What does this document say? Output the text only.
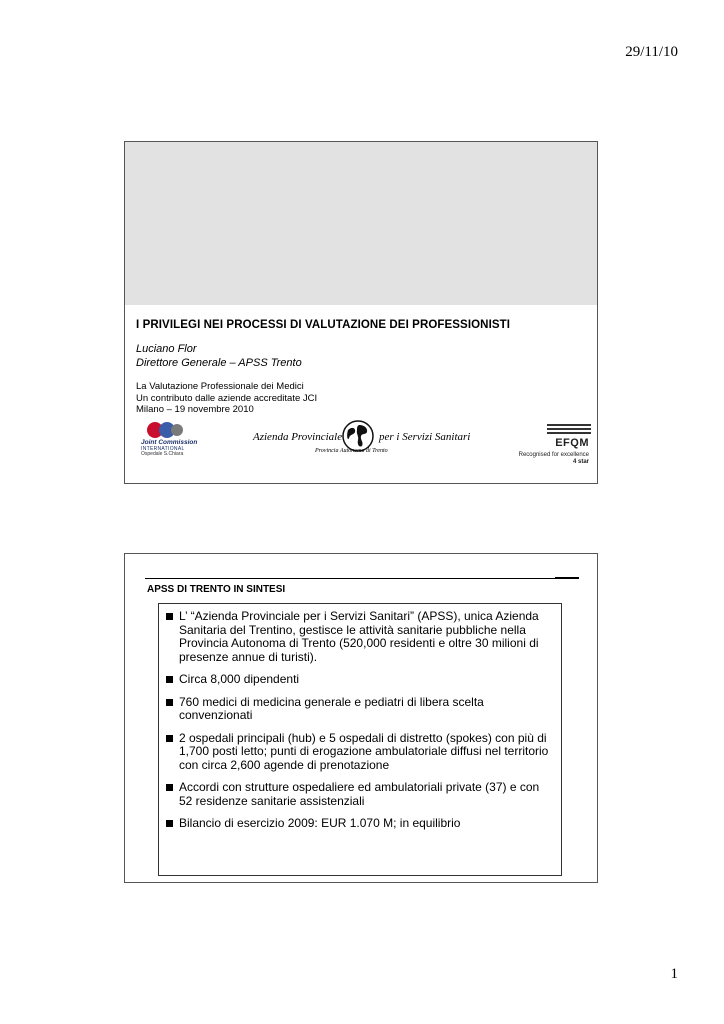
29/11/10
I PRIVILEGI NEI PROCESSI DI VALUTAZIONE DEI PROFESSIONISTI
Luciano Flor
Direttore Generale – APSS Trento
La Valutazione Professionale dei Medici
Un contributo dalle aziende accreditate JCI
Milano – 19 novembre 2010
Joint Commission
INTERNATIONAL
Ospedale S.Chiara
Azienda Provinciale	per i Servizi Sanitari
Provincia Autonoma di Trento
EFQM
Recognised for excellence
4 star
APSS DI TRENTO IN SINTESI
L’ “Azienda Provinciale per i Servizi Sanitari” (APSS), unica Azienda Sanitaria del Trentino, gestisce le attività sanitarie pubbliche nella Provincia Autonoma di Trento (520,000 residenti e oltre 30 milioni di presenze annue di turisti).
Circa 8,000 dipendenti
760 medici di medicina generale e pediatri di libera scelta convenzionati
2 ospedali principali (hub) e 5 ospedali di distretto (spokes) con più di 1,700 posti letto; punti di erogazione ambulatoriale diffusi nel territorio con circa 2,600 agende di prenotazione
Accordi con strutture ospedaliere ed ambulatoriali private (37) e con 52 residenze sanitarie assistenziali
Bilancio di esercizio 2009: EUR 1.070 M; in equilibrio
1
